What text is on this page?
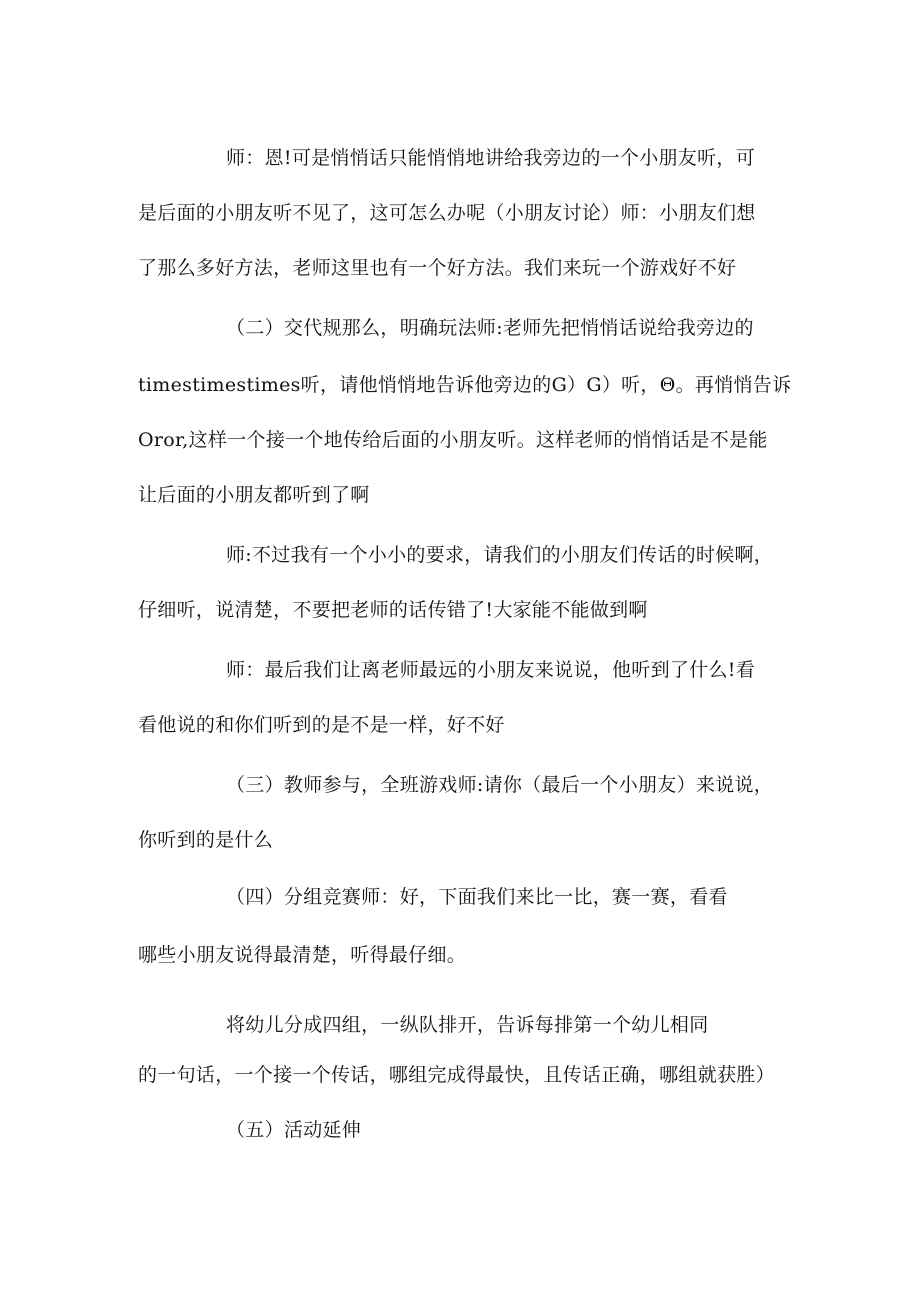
师：恩!可是悄悄话只能悄悄地讲给我旁边的一个小朋友听，可
是后面的小朋友听不见了，这可怎么办呢（小朋友讨论）师：小朋友们想
了那么多好方法，老师这里也有一个好方法。我们来玩一个游戏好不好
（二）交代规那么，明确玩法师:老师先把悄悄话说给我旁边的
timestimestimes听，请他悄悄地告诉他旁边的G）G）听，Θ。再悄悄告诉
Oror,这样一个接一个地传给后面的小朋友听。这样老师的悄悄话是不是能
让后面的小朋友都听到了啊
师:不过我有一个小小的要求，请我们的小朋友们传话的时候啊，
仔细听，说清楚，不要把老师的话传错了!大家能不能做到啊
师：最后我们让离老师最远的小朋友来说说，他听到了什么!看
看他说的和你们听到的是不是一样，好不好
（三）教师参与，全班游戏师:请你（最后一个小朋友）来说说，
你听到的是什么
（四）分组竞赛师：好，下面我们来比一比，赛一赛，看看
哪些小朋友说得最清楚，听得最仔细。
将幼儿分成四组，一纵队排开，告诉每排第一个幼儿相同
的一句话，一个接一个传话，哪组完成得最快，且传话正确，哪组就获胜）
（五）活动延伸
